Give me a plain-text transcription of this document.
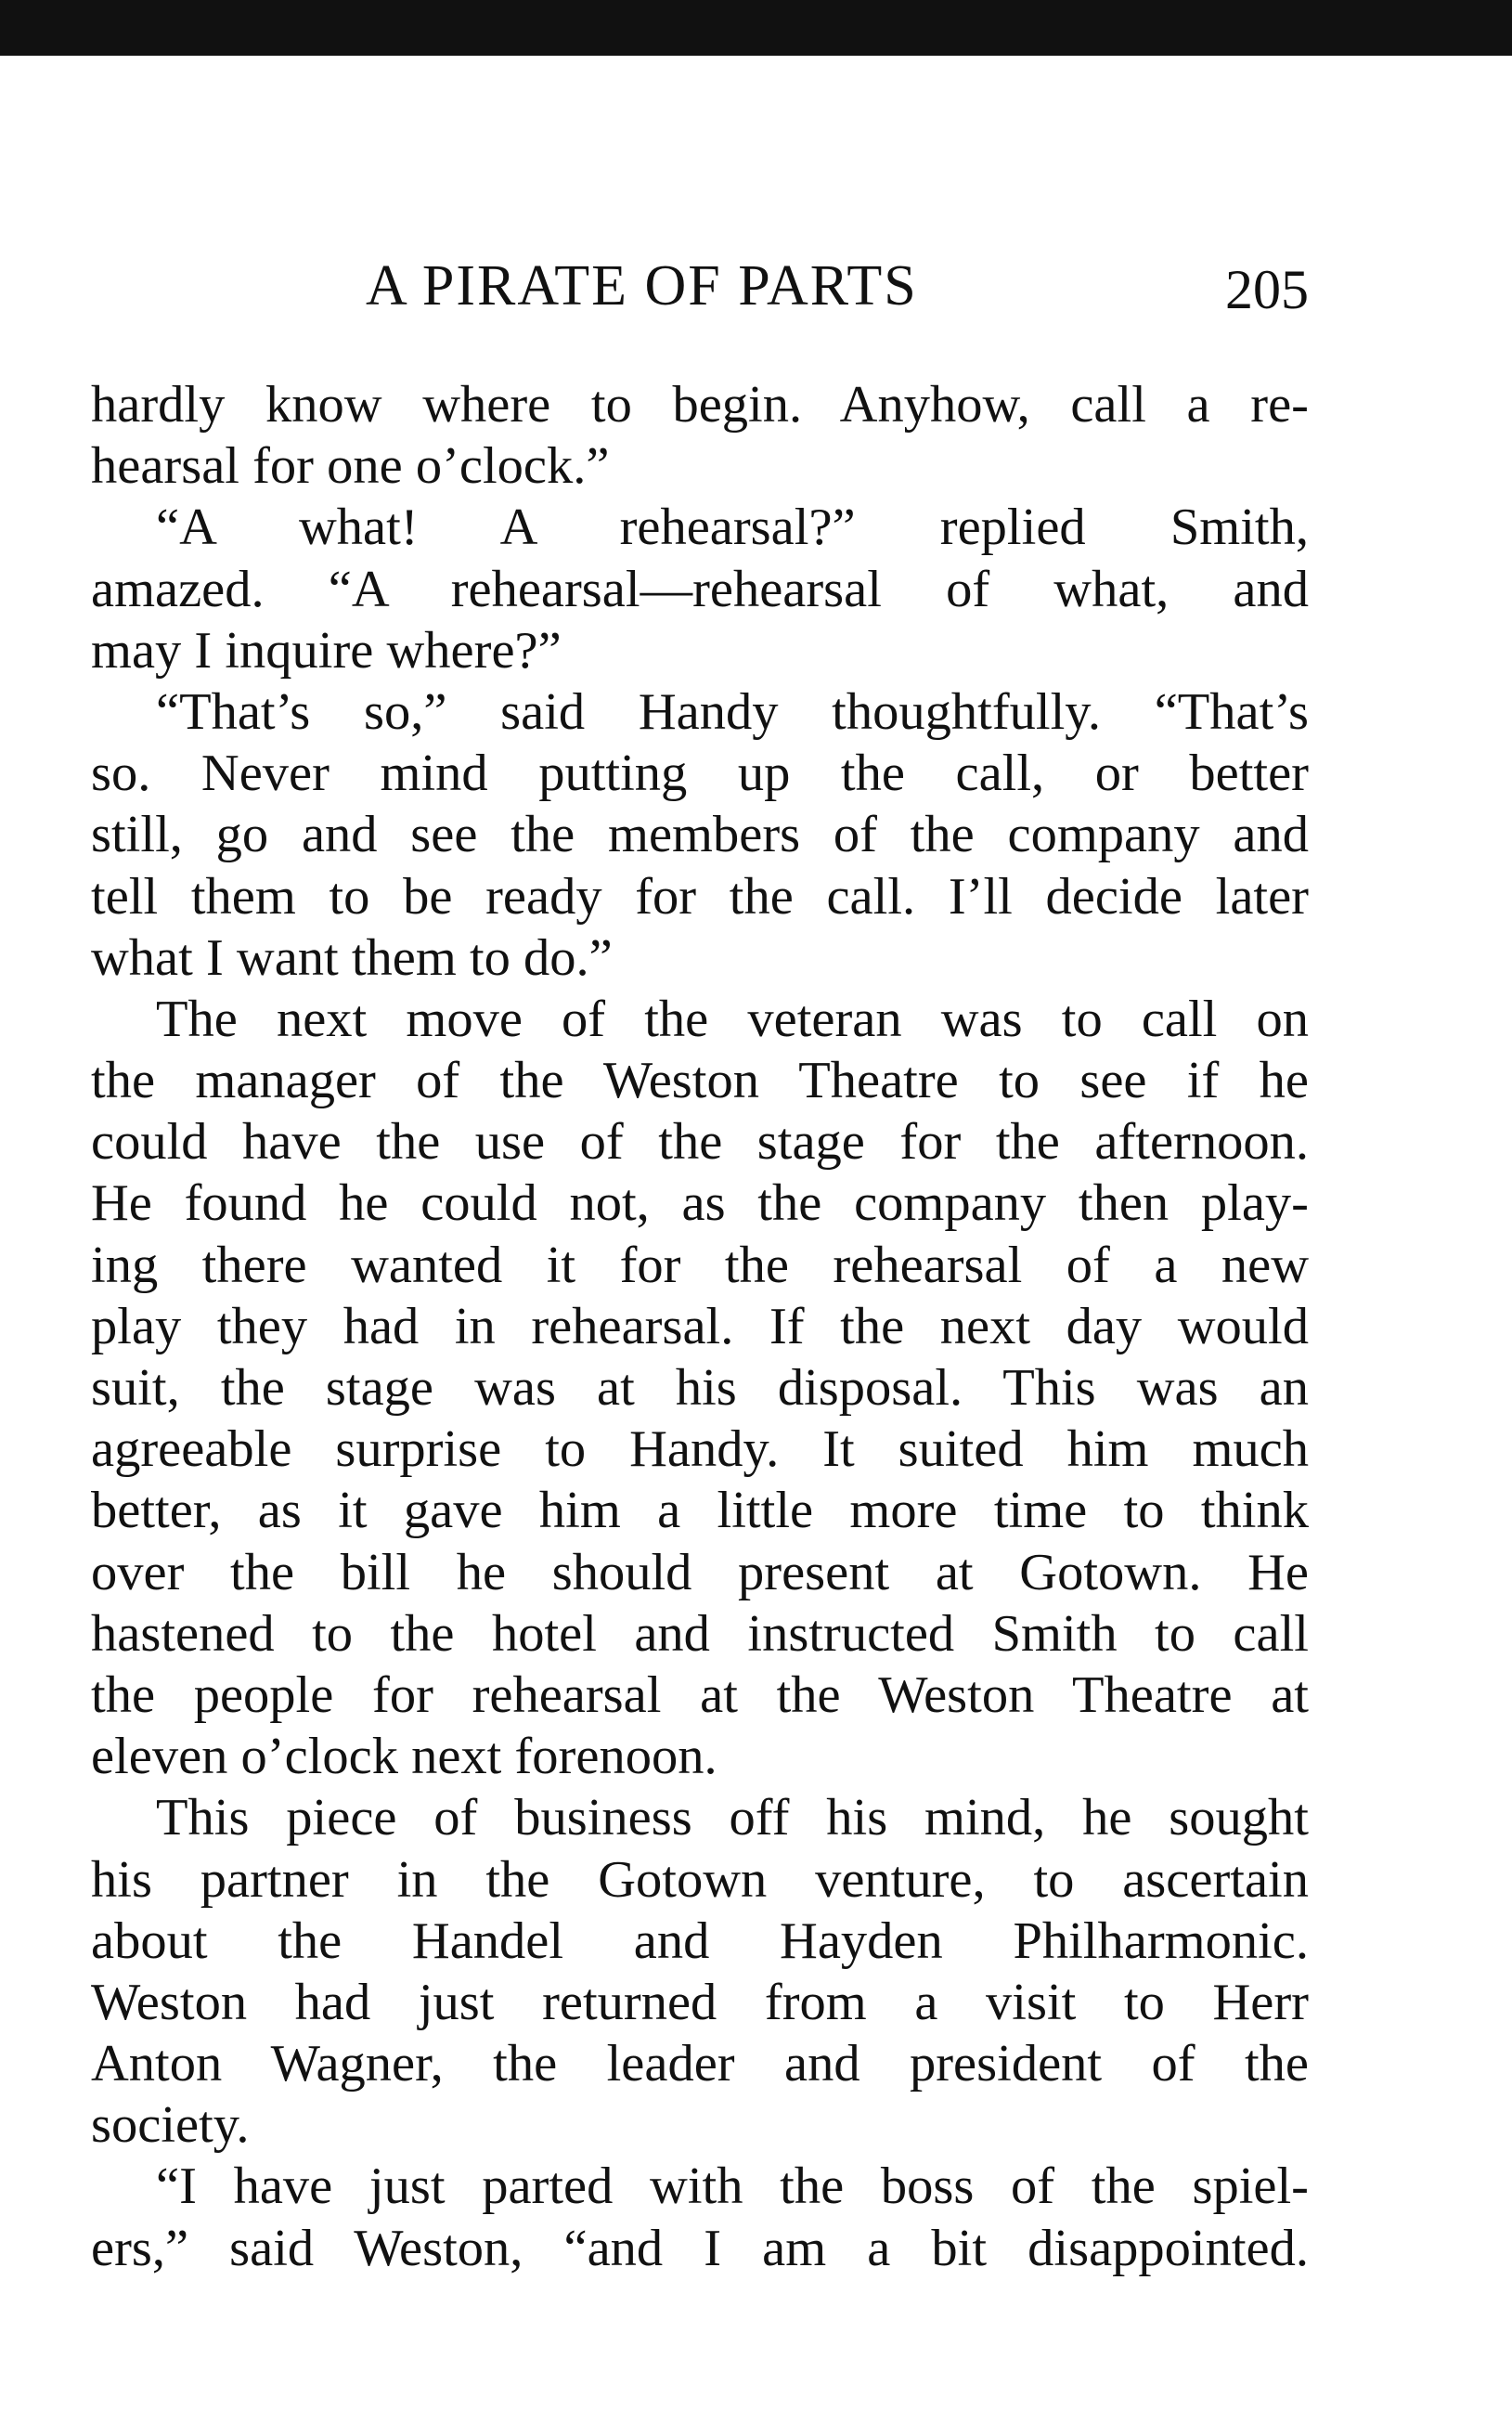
A PIRATE OF PARTS	205
hardly know where to begin. Anyhow, call a re-
hearsal for one o’clock.”
“A what! A rehearsal?” replied Smith,
amazed. “A rehearsal—rehearsal of what, and
may I inquire where?”
“That’s so,” said Handy thoughtfully. “That’s
so. Never mind putting up the call, or better
still, go and see the members of the company and
tell them to be ready for the call. I’ll decide later
what I want them to do.”
The next move of the veteran was to call on
the manager of the Weston Theatre to see if he
could have the use of the stage for the afternoon.
He found he could not, as the company then play-
ing there wanted it for the rehearsal of a new
play they had in rehearsal. If the next day would
suit, the stage was at his disposal. This was an
agreeable surprise to Handy. It suited him much
better, as it gave him a little more time to think
over the bill he should present at Gotown. He
hastened to the hotel and instructed Smith to call
the people for rehearsal at the Weston Theatre at
eleven o’clock next forenoon.
This piece of business off his mind, he sought
his partner in the Gotown venture, to ascertain
about the Handel and Hayden Philharmonic.
Weston had just returned from a visit to Herr
Anton Wagner, the leader and president of the
society.
“I have just parted with the boss of the spiel-
ers,” said Weston, “and I am a bit disappointed.
